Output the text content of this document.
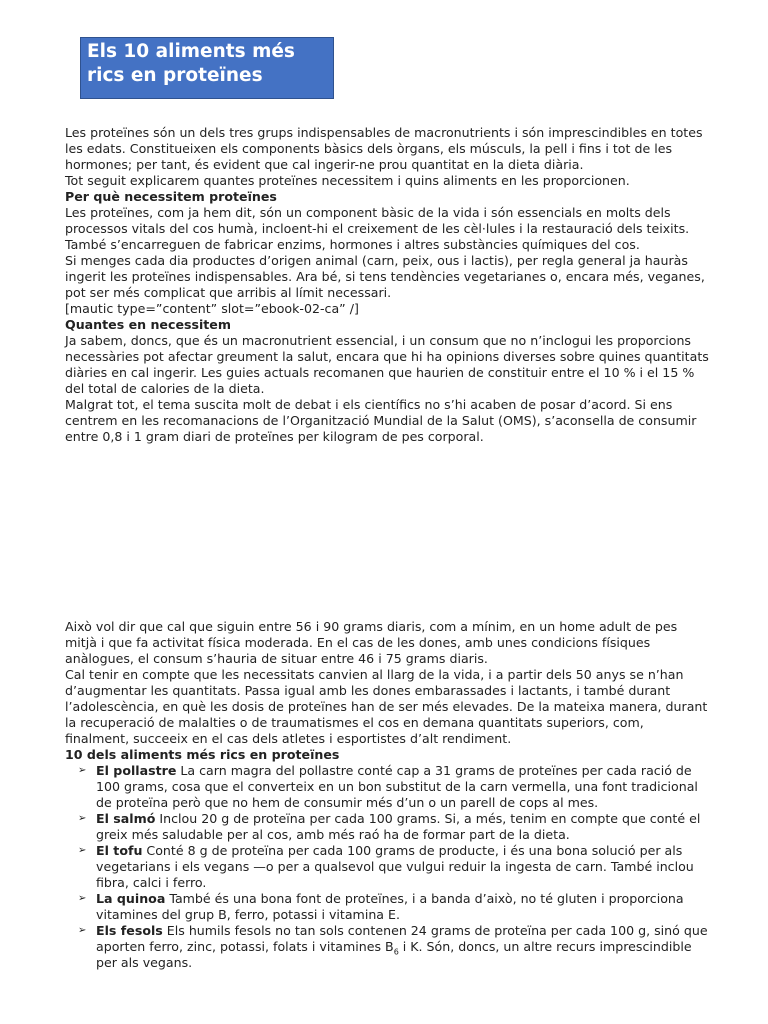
Els 10 aliments més rics en proteïnes

Les proteïnes són un dels tres grups indispensables de macronutrients i són imprescindibles en totes les edats. Constitueixen els components bàsics dels òrgans, els músculs, la pell i fins i tot de les hormones; per tant, és evident que cal ingerir-ne prou quantitat en la dieta diària.

Tot seguit explicarem quantes proteïnes necessitem i quins aliments en les proporcionen.

Per què necessitem proteïnes

Les proteïnes, com ja hem dit, són un component bàsic de la vida i són essencials en molts dels processos vitals del cos humà, incloent-hi el creixement de les cèl·lules i la restauració dels teixits. També s’encarreguen de fabricar enzims, hormones i altres substàncies químiques del cos.

Si menges cada dia productes d’origen animal (carn, peix, ous i lactis), per regla general ja hauràs ingerit les proteïnes indispensables. Ara bé, si tens tendències vegetarianes o, encara més, veganes, pot ser més complicat que arribis al límit necessari.

[mautic type=”content” slot=”ebook-02-ca” /]

Quantes en necessitem

Ja sabem, doncs, que és un macronutrient essencial, i un consum que no n’inclogui les proporcions necessàries pot afectar greument la salut, encara que hi ha opinions diverses sobre quines quantitats diàries en cal ingerir. Les guies actuals recomanen que haurien de constituir entre el 10 % i el 15 % del total de calories de la dieta.

Malgrat tot, el tema suscita molt de debat i els científics no s’hi acaben de posar d’acord. Si ens centrem en les recomanacions de l’Organització Mundial de la Salut (OMS), s’aconsella de consumir entre 0,8 i 1 gram diari de proteïnes per kilogram de pes corporal.

Això vol dir que cal que siguin entre 56 i 90 grams diaris, com a mínim, en un home adult de pes mitjà i que fa activitat física moderada. En el cas de les dones, amb unes condicions físiques anàlogues, el consum s’hauria de situar entre 46 i 75 grams diaris.

Cal tenir en compte que les necessitats canvien al llarg de la vida, i a partir dels 50 anys se n’han d’augmentar les quantitats. Passa igual amb les dones embarassades i lactants, i també durant l’adolescència, en què les dosis de proteïnes han de ser més elevades. De la mateixa manera, durant la recuperació de malalties o de traumatismes el cos en demana quantitats superiors, com, finalment, succeeix en el cas dels atletes i esportistes d’alt rendiment.

10 dels aliments més rics en proteïnes

➢ El pollastre La carn magra del pollastre conté cap a 31 grams de proteïnes per cada ració de 100 grams, cosa que el converteix en un bon substitut de la carn vermella, una font tradicional de proteïna però que no hem de consumir més d’un o un parell de cops al mes.
➢ El salmó Inclou 20 g de proteïna per cada 100 grams. Si, a més, tenim en compte que conté el greix més saludable per al cos, amb més raó ha de formar part de la dieta.
➢ El tofu Conté 8 g de proteïna per cada 100 grams de producte, i és una bona solució per als vegetarians i els vegans —o per a qualsevol que vulgui reduir la ingesta de carn. També inclou fibra, calci i ferro.
➢ La quinoa També és una bona font de proteïnes, i a banda d’això, no té gluten i proporciona vitamines del grup B, ferro, potassi i vitamina E.
➢ Els fesols Els humils fesols no tan sols contenen 24 grams de proteïna per cada 100 g, sinó que aporten ferro, zinc, potassi, folats i vitamines $B_6$ i K. Són, doncs, un altre recurs imprescindible per als vegans.
